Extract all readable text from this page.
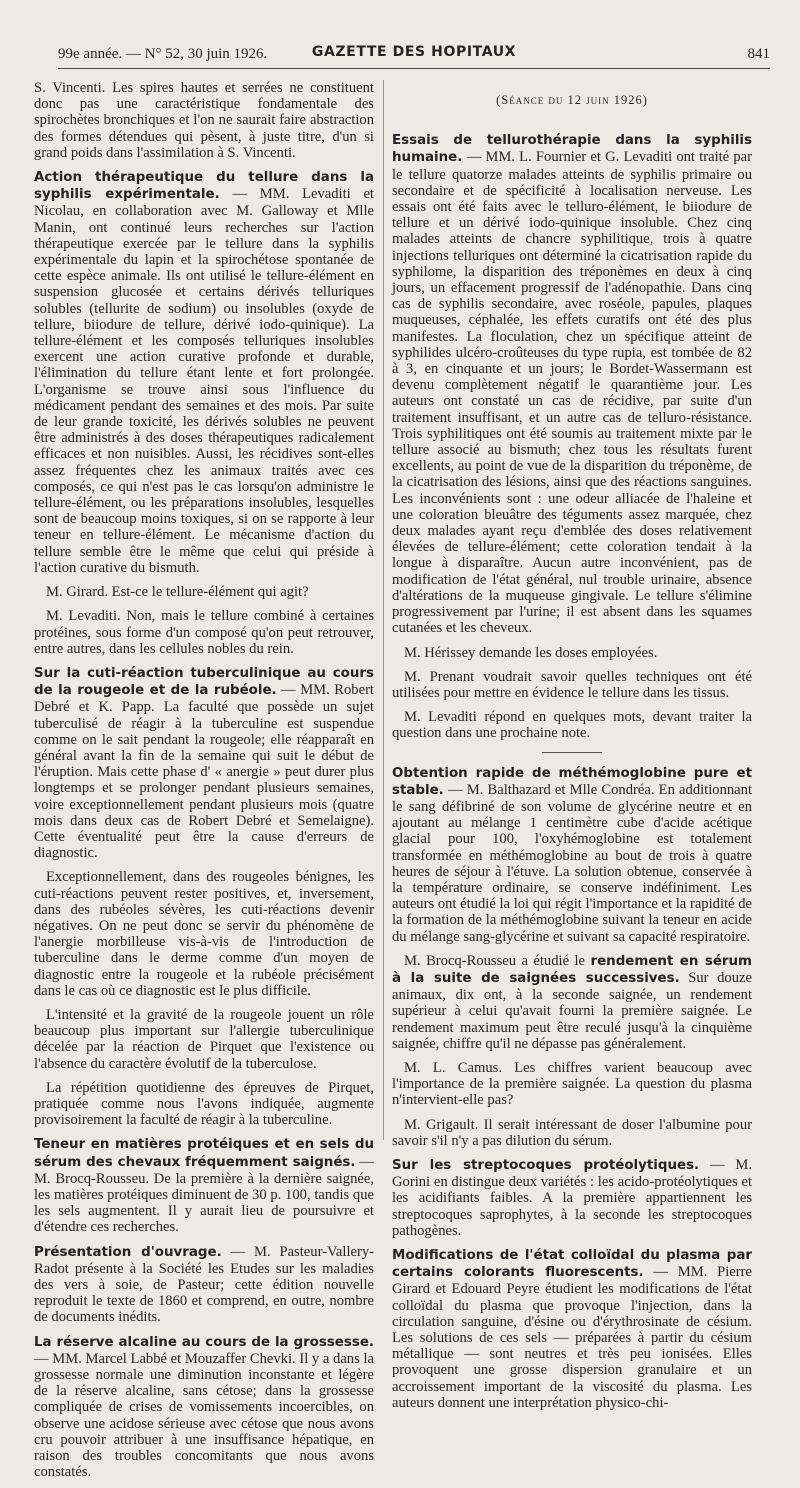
99e année. — N° 52, 30 juin 1926.	GAZETTE DES HOPITAUX	841

S. Vincenti. Les spires hautes et serrées ne constituent donc pas une caractéristique fondamentale des spirochètes bronchiques et l'on ne saurait faire abstraction des formes détendues qui pèsent, à juste titre, d'un si grand poids dans l'assimilation à S. Vincenti.

Action thérapeutique du tellure dans la syphilis expérimentale. — MM. Levaditi et Nicolau, en collaboration avec M. Galloway et Mlle Manin, ont continué leurs recherches sur l'action thérapeutique exercée par le tellure dans la syphilis expérimentale du lapin et la spirochétose spontanée de cette espèce animale. Ils ont utilisé le tellure-élément en suspension glucosée et certains dérivés telluriques solubles (tellurite de sodium) ou insolubles (oxyde de tellure, biiodure de tellure, dérivé iodo-quinique). La tellure-élément et les composés telluriques insolubles exercent une action curative profonde et durable, l'élimination du tellure étant lente et fort prolongée. L'organisme se trouve ainsi sous l'influence du médicament pendant des semaines et des mois. Par suite de leur grande toxicité, les dérivés solubles ne peuvent être administrés à des doses thérapeutiques radicalement efficaces et non nuisibles. Aussi, les récidives sont-elles assez fréquentes chez les animaux traités avec ces composés, ce qui n'est pas le cas lorsqu'on administre le tellure-élément, ou les préparations insolubles, lesquelles sont de beaucoup moins toxiques, si on se rapporte à leur teneur en tellure-élément. Le mécanisme d'action du tellure semble être le même que celui qui préside à l'action curative du bismuth.

M. Girard. Est-ce le tellure-élément qui agit?

M. Levaditi. Non, mais le tellure combiné à certaines protéines, sous forme d'un composé qu'on peut retrouver, entre autres, dans les cellules nobles du rein.

Sur la cuti-réaction tuberculinique au cours de la rougeole et de la rubéole. — MM. Robert Debré et K. Papp. La faculté que possède un sujet tuberculisé de réagir à la tuberculine est suspendue comme on le sait pendant la rougeole; elle réapparaît en général avant la fin de la semaine qui suit le début de l'éruption. Mais cette phase d' « anergie » peut durer plus longtemps et se prolonger pendant plusieurs semaines, voire exceptionnellement pendant plusieurs mois (quatre mois dans deux cas de Robert Debré et Semelaigne). Cette éventualité peut être la cause d'erreurs de diagnostic.

Exceptionnellement, dans des rougeoles bénignes, les cuti-réactions peuvent rester positives, et, inversement, dans des rubéoles sévères, les cuti-réactions devenir négatives. On ne peut donc se servir du phénomène de l'anergie morbilleuse vis-à-vis de l'introduction de tuberculine dans le derme comme d'un moyen de diagnostic entre la rougeole et la rubéole précisément dans le cas où ce diagnostic est le plus difficile.

L'intensité et la gravité de la rougeole jouent un rôle beaucoup plus important sur l'allergie tuberculinique décelée par la réaction de Pirquet que l'existence ou l'absence du caractère évolutif de la tuberculose.

La répétition quotidienne des épreuves de Pirquet, pratiquée comme nous l'avons indiquée, augmente provisoirement la faculté de réagir à la tuberculine.

Teneur en matières protéiques et en sels du sérum des chevaux fréquemment saignés. — M. Brocq-Rousseu. De la première à la dernière saignée, les matières protéiques diminuent de 30 p. 100, tandis que les sels augmentent. Il y aurait lieu de poursuivre et d'étendre ces recherches.

Présentation d'ouvrage. — M. Pasteur-Vallery-Radot présente à la Société les Etudes sur les maladies des vers à soie, de Pasteur; cette édition nouvelle reproduit le texte de 1860 et comprend, en outre, nombre de documents inédits.

La réserve alcaline au cours de la grossesse. — MM. Marcel Labbé et Mouzaffer Chevki. Il y a dans la grossesse normale une diminution inconstante et légère de la réserve alcaline, sans cétose; dans la grossesse compliquée de crises de vomissements incoercibles, on observe une acidose sérieuse avec cétose que nous avons cru pouvoir attribuer à une insuffisance hépatique, en raison des troubles concomitants que nous avons constatés.

(Séance du 12 juin 1926)

Essais de tellurothérapie dans la syphilis humaine. — MM. L. Fournier et G. Levaditi ont traité par le tellure quatorze malades atteints de syphilis primaire ou secondaire et de spécificité à localisation nerveuse. Les essais ont été faits avec le telluro-élément, le biiodure de tellure et un dérivé iodo-quinique insoluble. Chez cinq malades atteints de chancre syphilitique, trois à quatre injections telluriques ont déterminé la cicatrisation rapide du syphilome, la disparition des tréponèmes en deux à cinq jours, un effacement progressif de l'adénopathie. Dans cinq cas de syphilis secondaire, avec roséole, papules, plaques muqueuses, céphalée, les effets curatifs ont été des plus manifestes. La floculation, chez un spécifique atteint de syphilides ulcéro-croûteuses du type rupia, est tombée de 82 à 3, en cinquante et un jours; le Bordet-Wassermann est devenu complètement négatif le quarantième jour. Les auteurs ont constaté un cas de récidive, par suite d'un traitement insuffisant, et un autre cas de telluro-résistance. Trois syphilitiques ont été soumis au traitement mixte par le tellure associé au bismuth; chez tous les résultats furent excellents, au point de vue de la disparition du tréponème, de la cicatrisation des lésions, ainsi que des réactions sanguines. Les inconvénients sont : une odeur alliacée de l'haleine et une coloration bleuâtre des téguments assez marquée, chez deux malades ayant reçu d'emblée des doses relativement élevées de tellure-élément; cette coloration tendait à la longue à disparaître. Aucun autre inconvénient, pas de modification de l'état général, nul trouble urinaire, absence d'altérations de la muqueuse gingivale. Le tellure s'élimine progressivement par l'urine; il est absent dans les squames cutanées et les cheveux.

M. Hérissey demande les doses employées.

M. Prenant voudrait savoir quelles techniques ont été utilisées pour mettre en évidence le tellure dans les tissus.

M. Levaditi répond en quelques mots, devant traiter la question dans une prochaine note.

Obtention rapide de méthémoglobine pure et stable. — M. Balthazard et Mlle Condréa. En additionnant le sang défibriné de son volume de glycérine neutre et en ajoutant au mélange 1 centimètre cube d'acide acétique glacial pour 100, l'oxyhémoglobine est totalement transformée en méthémoglobine au bout de trois à quatre heures de séjour à l'étuve. La solution obtenue, conservée à la température ordinaire, se conserve indéfiniment. Les auteurs ont étudié la loi qui régit l'importance et la rapidité de la formation de la méthémoglobine suivant la teneur en acide du mélange sang-glycérine et suivant sa capacité respiratoire.

M. Brocq-Rousseu a étudié le rendement en sérum à la suite de saignées successives. Sur douze animaux, dix ont, à la seconde saignée, un rendement supérieur à celui qu'avait fourni la première saignée. Le rendement maximum peut être reculé jusqu'à la cinquième saignée, chiffre qu'il ne dépasse pas généralement.

M. L. Camus. Les chiffres varient beaucoup avec l'importance de la première saignée. La question du plasma n'intervient-elle pas?

M. Grigault. Il serait intéressant de doser l'albumine pour savoir s'il n'y a pas dilution du sérum.

Sur les streptocoques protéolytiques. — M. Gorini en distingue deux variétés : les acido-protéolytiques et les acidifiants faibles. A la première appartiennent les streptocoques saprophytes, à la seconde les streptocoques pathogènes.

Modifications de l'état colloïdal du plasma par certains colorants fluorescents. — MM. Pierre Girard et Edouard Peyre étudient les modifications de l'état colloïdal du plasma que provoque l'injection, dans la circulation sanguine, d'ésine ou d'érythrosinate de césium. Les solutions de ces sels — préparées à partir du césium métallique — sont neutres et très peu ionisées. Elles provoquent une grosse dispersion granulaire et un accroissement important de la viscosité du plasma. Les auteurs donnent une interprétation physico-chi-
